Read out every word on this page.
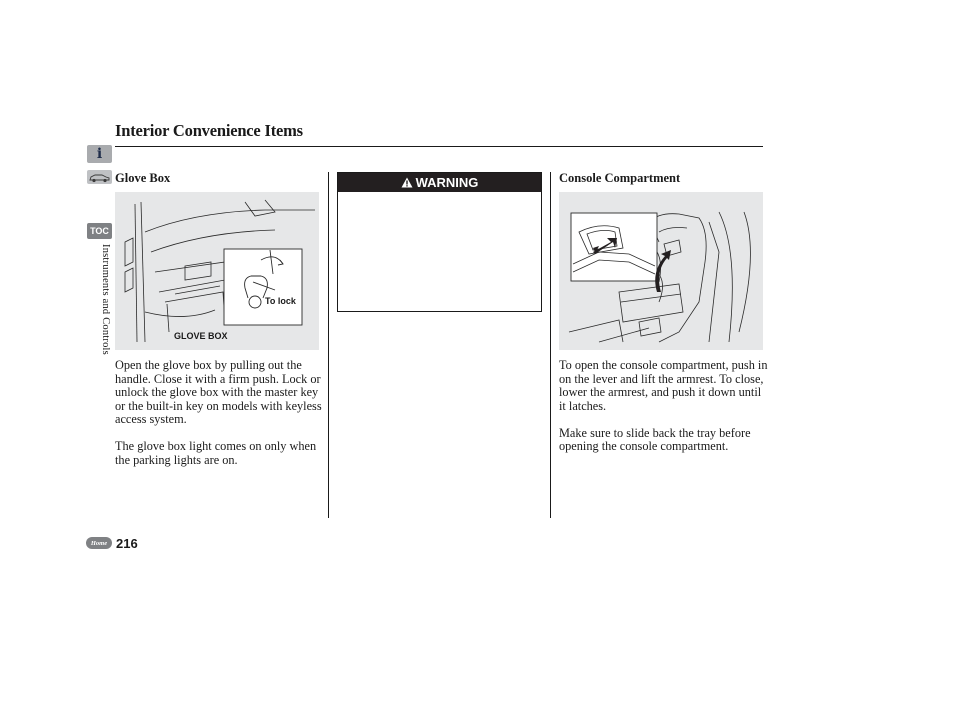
Interior Convenience Items
i
TOC
Instruments and Controls
Glove Box
To lock
GLOVE BOX

Open the glove box by pulling out the handle. Close it with a firm push. Lock or unlock the glove box with the master key or the built-in key on models with keyless access system.

The glove box light comes on only when the parking lights are on.

WARNING	Console Compartment

To open the console compartment, push in on the lever and lift the armrest. To close, lower the armrest, and push it down until it latches.

Make sure to slide back the tray before opening the console compartment.

Home 216
